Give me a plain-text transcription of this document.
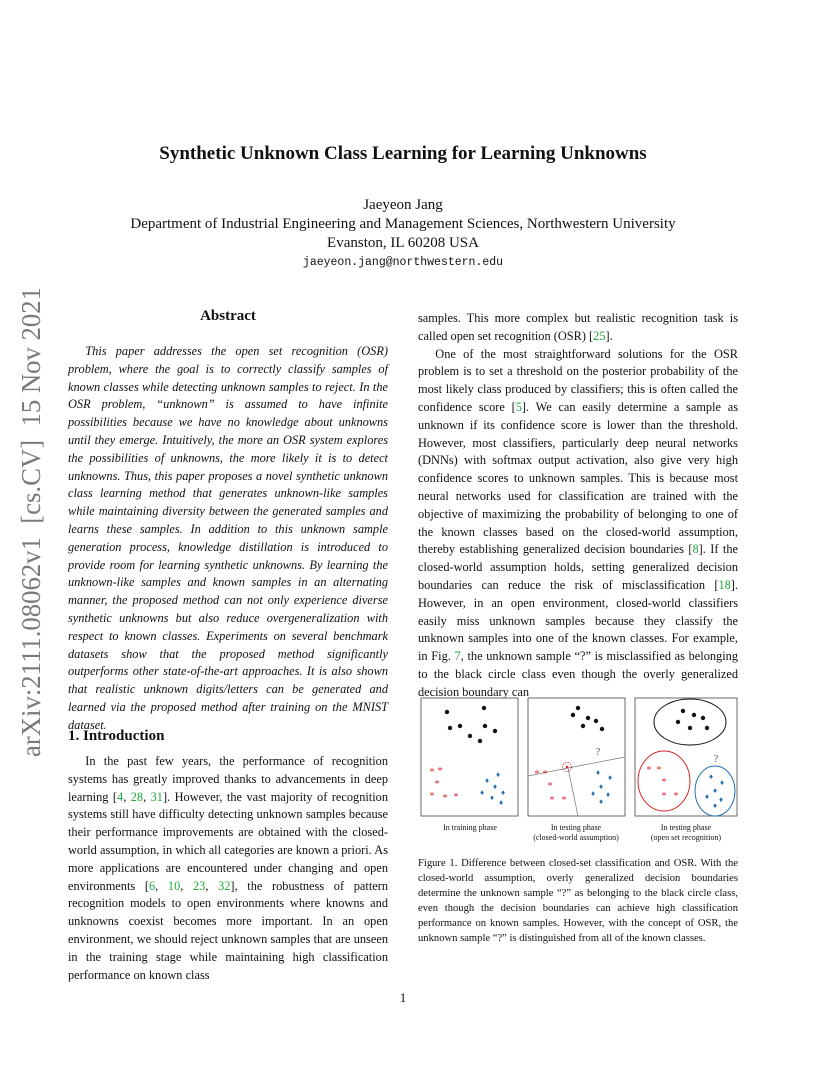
arXiv:2111.08062v1  [cs.CV]  15 Nov 2021
Synthetic Unknown Class Learning for Learning Unknowns
Jaeyeon Jang
Department of Industrial Engineering and Management Sciences, Northwestern University
Evanston, IL 60208 USA
jaeyeon.jang@northwestern.edu
Abstract

This paper addresses the open set recognition (OSR) problem, where the goal is to correctly classify samples of known classes while detecting unknown samples to reject. In the OSR problem, “unknown” is assumed to have infinite possibilities because we have no knowledge about unknowns until they emerge. Intuitively, the more an OSR system explores the possibilities of unknowns, the more likely it is to detect unknowns. Thus, this paper proposes a novel synthetic unknown class learning method that generates unknown-like samples while maintaining diversity between the generated samples and learns these samples. In addition to this unknown sample generation process, knowledge distillation is introduced to provide room for learning synthetic unknowns. By learning the unknown-like samples and known samples in an alternating manner, the proposed method can not only experience diverse synthetic unknowns but also reduce overgeneralization with respect to known classes. Experiments on several benchmark datasets show that the proposed method significantly outperforms other state-of-the-art approaches. It is also shown that realistic unknown digits/letters can be generated and learned via the proposed method after training on the MNIST dataset.

1. Introduction

In the past few years, the performance of recognition systems has greatly improved thanks to advancements in deep learning [4, 28, 31]. However, the vast majority of recognition systems still have difficulty detecting unknown samples because their performance improvements are obtained with the closed-world assumption, in which all categories are known a priori. As more applications are encountered under changing and open environments [6, 10, 23, 32], the robustness of pattern recognition models to open environments where knowns and unknowns coexist becomes more important. In an open environment, we should reject unknown samples that are unseen in the training stage while maintaining high classification performance on known class

samples. This more complex but realistic recognition task is called open set recognition (OSR) [25].

One of the most straightforward solutions for the OSR problem is to set a threshold on the posterior probability of the most likely class produced by classifiers; this is often called the confidence score [5]. We can easily determine a sample as unknown if its confidence score is lower than the threshold. However, most classifiers, particularly deep neural networks (DNNs) with softmax output activation, also give very high confidence scores to unknown samples. This is because most neural networks used for classification are trained with the objective of maximizing the probability of belonging to one of the known classes based on the closed-world assumption, thereby establishing generalized decision boundaries [8]. If the closed-world assumption holds, setting generalized decision boundaries can reduce the risk of misclassification [18]. However, in an open environment, closed-world classifiers easily miss unknown samples because they classify the unknown samples into one of the known classes. For example, in Fig. 7, the unknown sample “?” is misclassified as belonging to the black circle class even though the overly generalized decision boundary can

* *
*
* * *
♦
♦
♦
♦ ♦
♦
♦
?
* *
*
* *
♦
♦
♦
♦ ♦
♦
?
* *
*
* *
♦
♦
♦
♦ ♦
♦
In training phase	In testing phase
(closed-world assumption)
In testing phase
(open set recognition)
Figure 1. Difference between closed-set classification and OSR. With the closed-world assumption, overly generalized decision boundaries determine the unknown sample “?” as belonging to the black circle class, even though the decision boundaries can achieve high classification performance on known samples. However, with the concept of OSR, the unknown sample “?” is distinguished from all of the known classes.
1
